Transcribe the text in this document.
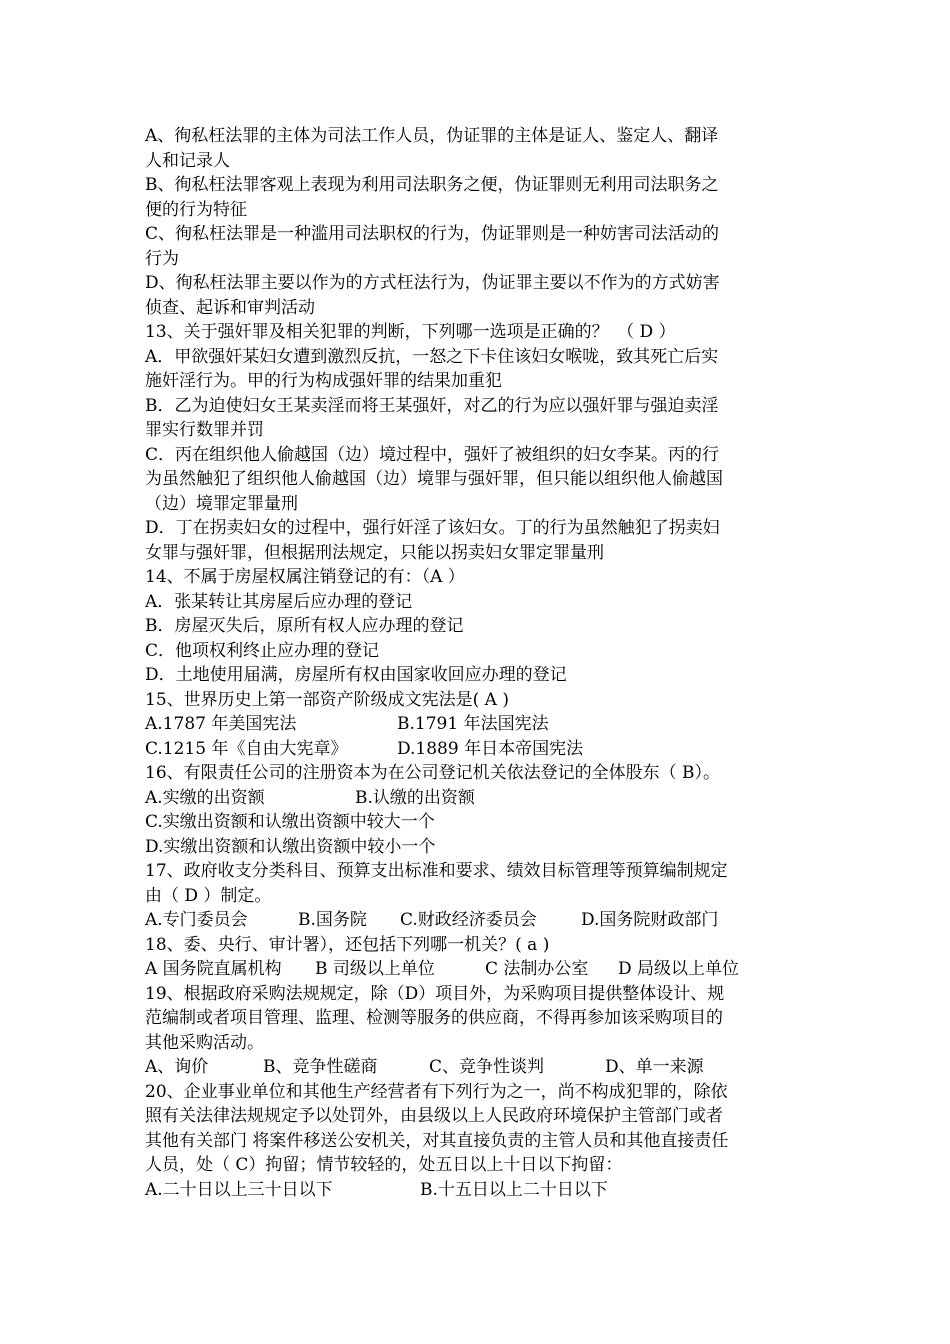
A、徇私枉法罪的主体为司法工作人员，伪证罪的主体是证人、鉴定人、翻译
人和记录人
B、徇私枉法罪客观上表现为利用司法职务之便，伪证罪则无利用司法职务之
便的行为特征
C、徇私枉法罪是一种滥用司法职权的行为，伪证罪则是一种妨害司法活动的
行为
D、徇私枉法罪主要以作为的方式枉法行为，伪证罪主要以不作为的方式妨害
侦查、起诉和审判活动
13、关于强奸罪及相关犯罪的判断，下列哪一选项是正确的？　（ D ）
A．甲欲强奸某妇女遭到激烈反抗，一怒之下卡住该妇女喉咙，致其死亡后实
施奸淫行为。甲的行为构成强奸罪的结果加重犯
B．乙为迫使妇女王某卖淫而将王某强奸，对乙的行为应以强奸罪与强迫卖淫
罪实行数罪并罚
C．丙在组织他人偷越国（边）境过程中，强奸了被组织的妇女李某。丙的行
为虽然触犯了组织他人偷越国（边）境罪与强奸罪，但只能以组织他人偷越国
（边）境罪定罪量刑
D．丁在拐卖妇女的过程中，强行奸淫了该妇女。丁的行为虽然触犯了拐卖妇
女罪与强奸罪，但根据刑法规定，只能以拐卖妇女罪定罪量刑
14、不属于房屋权属注销登记的有：（A ）
A．张某转让其房屋后应办理的登记
B．房屋灭失后，原所有权人应办理的登记
C．他项权利终止应办理的登记
D．土地使用届满，房屋所有权由国家收回应办理的登记
15、世界历史上第一部资产阶级成文宪法是( A )
A.1787 年美国宪法	B.1791 年法国宪法
C.1215 年《自由大宪章》	D.1889 年日本帝国宪法
16、有限责任公司的注册资本为在公司登记机关依法登记的全体股东（ B）。
A.实缴的出资额	B.认缴的出资额
C.实缴出资额和认缴出资额中较大一个
D.实缴出资额和认缴出资额中较小一个
17、政府收支分类科目、预算支出标准和要求、绩效目标管理等预算编制规定
由（ D ）制定。
A.专门委员会	B.国务院	C.财政经济委员会	D.国务院财政部门
18、委、央行、审计署），还包括下列哪一机关？( a )
A 国务院直属机构	B 司级以上单位	C 法制办公室	D 局级以上单位
19、根据政府采购法规规定，除（D）项目外，为采购项目提供整体设计、规
范编制或者项目管理、监理、检测等服务的供应商，不得再参加该采购项目的
其他采购活动。
A、询价	B、竞争性磋商	C、竞争性谈判	D、单一来源
20、企业事业单位和其他生产经营者有下列行为之一，尚不构成犯罪的，除依
照有关法律法规规定予以处罚外，由县级以上人民政府环境保护主管部门或者
其他有关部门 将案件移送公安机关，对其直接负责的主管人员和其他直接责任
人员，处（ C）拘留；情节较轻的，处五日以上十日以下拘留：
A.二十日以上三十日以下	B.十五日以上二十日以下
